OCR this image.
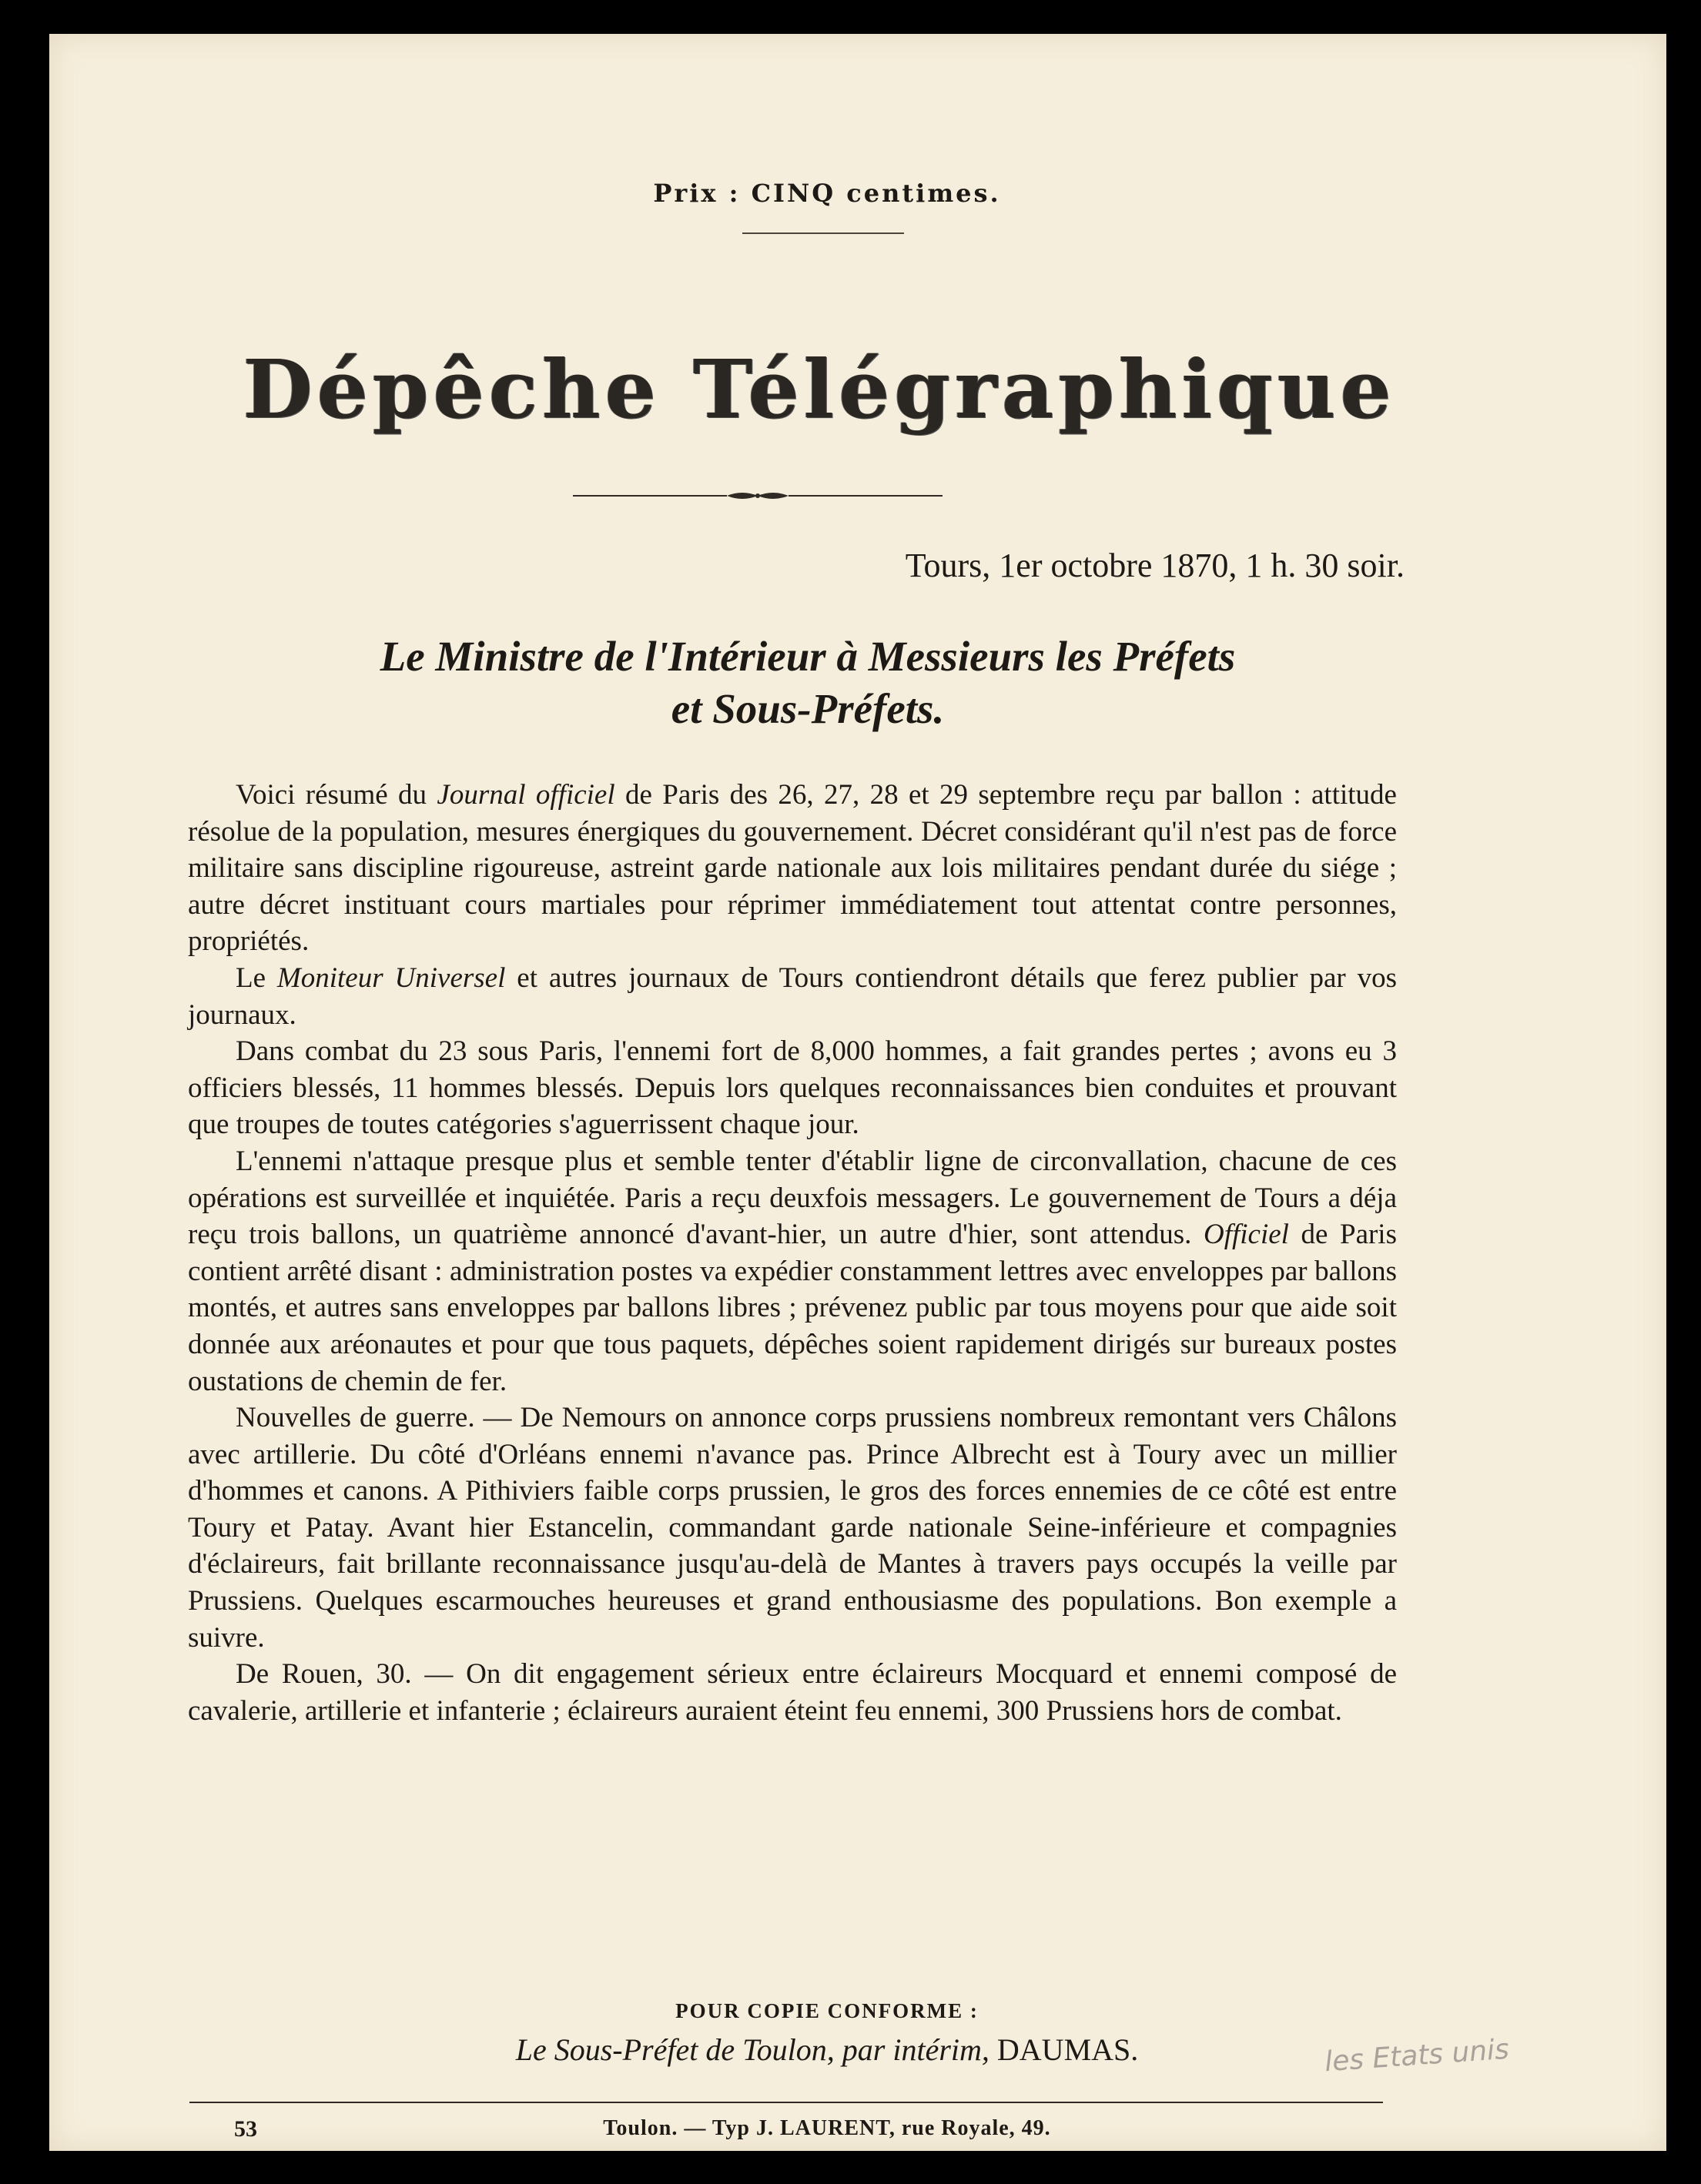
Prix : CINQ centimes.
Dépêche Télégraphique
Tours, 1er octobre 1870, 1 h. 30 soir.
Le Ministre de l'Intérieur à Messieurs les Préfets
et Sous-Préfets.

Voici résumé du Journal officiel de Paris des 26, 27, 28 et 29 septembre reçu par ballon : attitude résolue de la population, mesures énergiques du gouvernement. Décret considérant qu'il n'est pas de force militaire sans discipline rigoureuse, astreint garde nationale aux lois militaires pendant durée du siége ; autre décret instituant cours martiales pour réprimer immédiatement tout attentat contre personnes, propriétés.

Le Moniteur Universel et autres journaux de Tours contiendront détails que ferez publier par vos journaux.

Dans combat du 23 sous Paris, l'ennemi fort de 8,000 hommes, a fait grandes pertes ; avons eu 3 officiers blessés, 11 hommes blessés. Depuis lors quelques reconnaissances bien conduites et prouvant que troupes de toutes catégories s'aguerrissent chaque jour.

L'ennemi n'attaque presque plus et semble tenter d'établir ligne de circonvallation, chacune de ces opérations est surveillée et inquiétée. Paris a reçu deuxfois messagers. Le gouvernement de Tours a déja reçu trois ballons, un quatrième annoncé d'avant-hier, un autre d'hier, sont attendus. Officiel de Paris contient arrêté disant : administration postes va expédier constamment lettres avec enveloppes par ballons montés, et autres sans enveloppes par ballons libres ; prévenez public par tous moyens pour que aide soit donnée aux aréonautes et pour que tous paquets, dépêches soient rapidement dirigés sur bureaux postes oustations de chemin de fer.

Nouvelles de guerre. — De Nemours on annonce corps prussiens nombreux remontant vers Châlons avec artillerie. Du côté d'Orléans ennemi n'avance pas. Prince Albrecht est à Toury avec un millier d'hommes et canons. A Pithiviers faible corps prussien, le gros des forces ennemies de ce côté est entre Toury et Patay. Avant hier Estancelin, commandant garde nationale Seine-inférieure et compagnies d'éclaireurs, fait brillante reconnaissance jusqu'au-delà de Mantes à travers pays occupés la veille par Prussiens. Quelques escarmouches heureuses et grand enthousiasme des populations. Bon exemple a suivre.

De Rouen, 30. — On dit engagement sérieux entre éclaireurs Mocquard et ennemi composé de cavalerie, artillerie et infanterie ; éclaireurs auraient éteint feu ennemi, 300 Prussiens hors de combat.

POUR COPIE CONFORME :
Le Sous-Préfet de Toulon, par intérim, DAUMAS.
53	Toulon. — Typ J. LAURENT, rue Royale, 49.
les Etats unis
